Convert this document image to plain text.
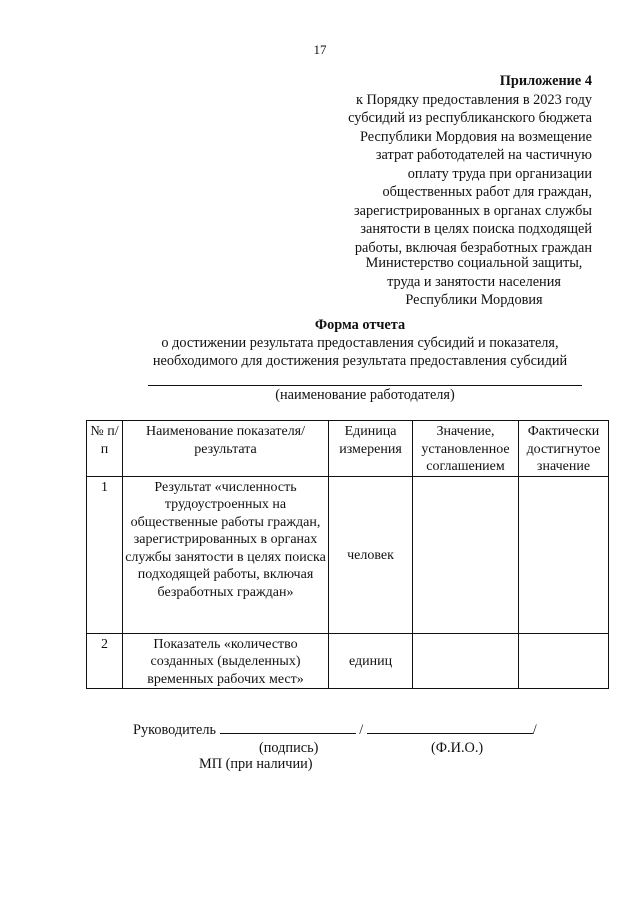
17
Приложение 4
к Порядку предоставления в 2023 году
субсидий из республиканского бюджета
Республики Мордовия на возмещение
затрат работодателей на частичную
оплату труда при организации
общественных работ для граждан,
зарегистрированных в органах службы
занятости в целях поиска подходящей
работы, включая безработных граждан
Министерство социальной защиты,
труда и занятости населения
Республики Мордовия
Форма отчета
о достижении результата предоставления субсидий и показателя,
необходимого для достижения результата предоставления субсидий
(наименование работодателя)
№ п/п	Наименование показателя/ результата	Единица измерения	Значение, установленное соглашением	Фактически достигнутое значение
1	Результат «численность трудоустроенных на общественные работы граждан, зарегистрированных в органах службы занятости в целях поиска подходящей работы, включая безработных граждан»	человек		
2	Показатель «количество созданных (выделенных) временных рабочих мест»	единиц		
Руководитель	/	/
(подпись)	(Ф.И.О.)
МП (при наличии)
